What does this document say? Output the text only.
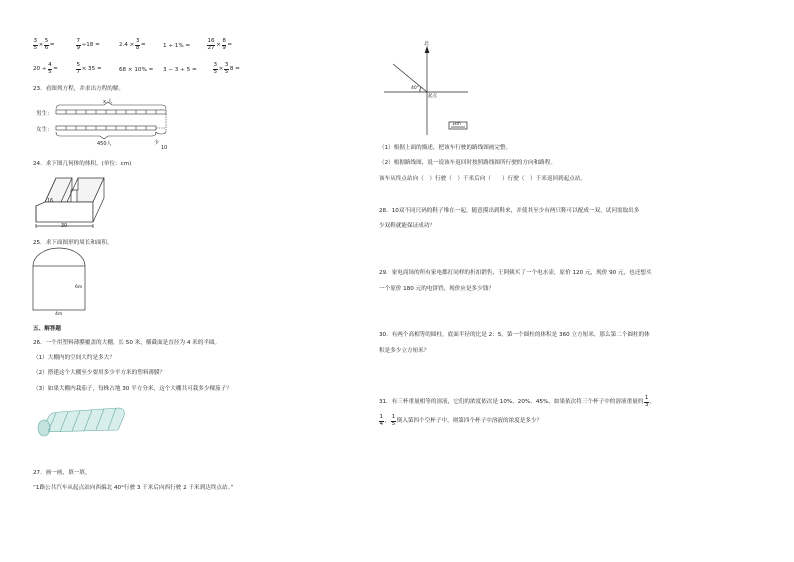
$\frac{3}{5} \times \frac{5}{6}$ =	$\frac{7}{9} \div 18$ =	$2.4 \times \frac{3}{8}$ =	1 ÷ 1% =	$\frac{16}{27} \times \frac{8}{9}$ =
$20 \div \frac{4}{5}$ =	$\frac{5}{7} \times 35$ =	68 × 10% = 3 − 3 ÷ 5 =	$\frac{3}{5} \times \frac{3}{5} 8$ =
23．看图列方程，并求出方程的解。
男生：
女生：
x 人
450人	少
10
24．求下图几何体的体积。(单位：cm)
16
30
25．求下面图形的周长和面积。
6m
4m
五、解答题
26．一个用塑料薄膜覆盖的大棚，长 50 米，横截面是直径为 4 米的半圆。
（1）大棚内的空间大约是多大？
（2）搭建这个大棚至少要用多少平方米的塑料薄膜？
（3）如果大棚内栽茄子，每株占地 30 平方分米，这个大棚共可栽多少棵茄子？
27．画一画，填一填。
“1路公共汽车从起点站向西偏北 40°行驶 3 千米后向西行驶 2 千米到达终点站。”
北
40°
起点
1km
（1）根据上面的描述，把该车行驶的路线图画完整。
（2）根据路线图，说一说该车返回时按照路线图所行驶的方向和路程。
该车从终点站向（　）行驶（　）千米后向（　　）行驶（　）千米返回到起点站。
28．10双不同尺码的鞋子堆在一起，随意摸出到鞋来，并使其至少有两只鞋可以配成一双，试问需取出多
少双鞋就能保证成功？
29．家电商场的所有家电都打同样的折扣销售，王阿姨买了一个电水壶，原价 120 元，现价 90 元，也还想买
一个原价 180 元的电饼铛，现价应是多少钱？
30．有两个高相等的圆柱，底面半径的比是 2：5，第一个圆柱的体积是 360 立方厘米，那么第二个圆柱的体
积是多少立方厘米？
31．有三杯重量相等的溶液，它们的浓度依次是 10%、20%、45%，如果依次将三个杯子中的溶液重量的 $\frac{1}{3}$ ，
$\frac{1}{4}$ ， $\frac{1}{5}$ 倒入第四个空杯子中，则第四个杯子中溶液的浓度是多少？
